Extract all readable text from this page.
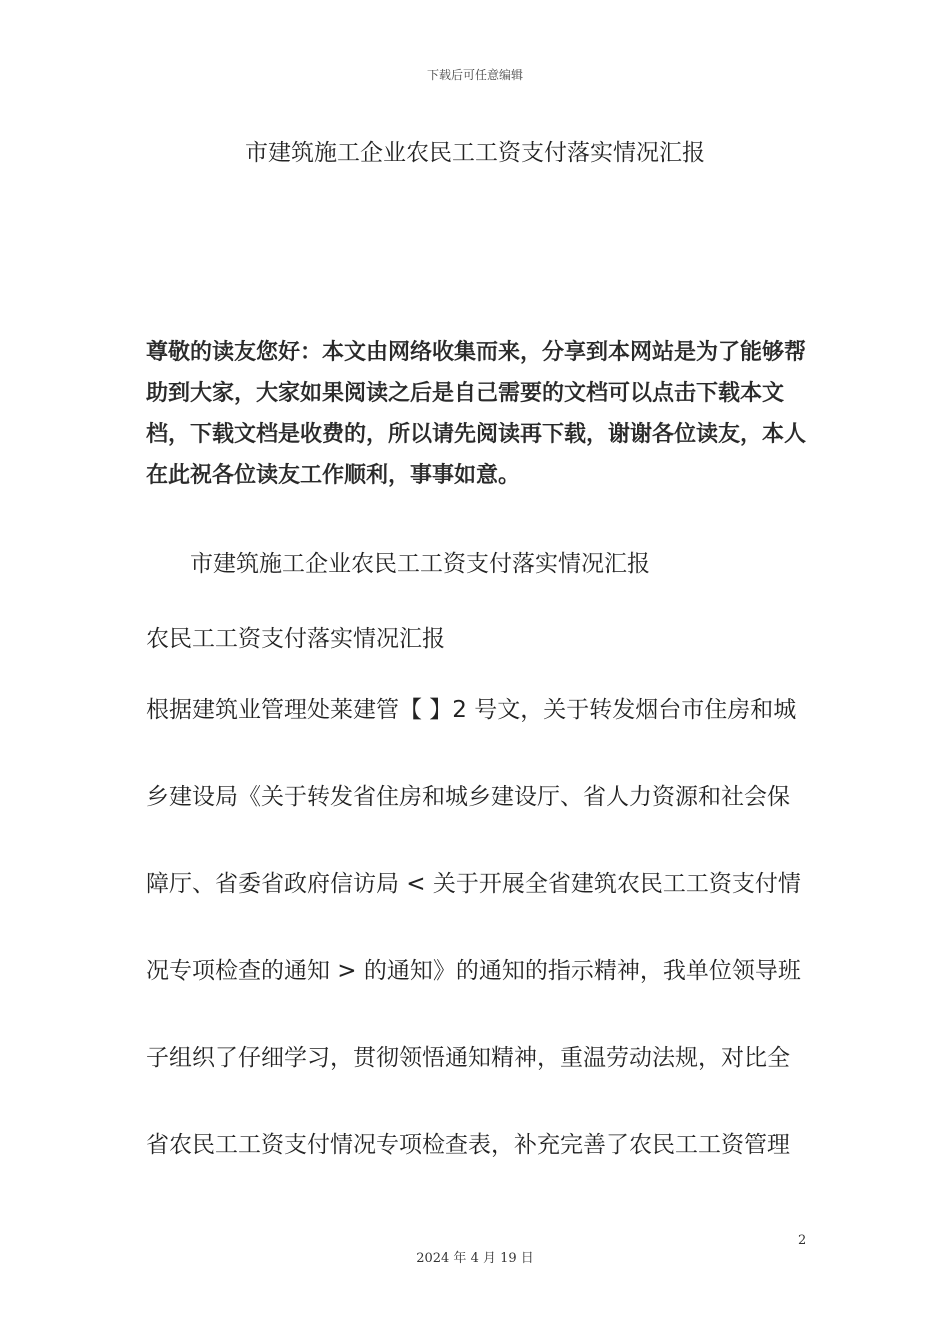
下载后可任意编辑
市建筑施工企业农民工工资支付落实情况汇报
尊敬的读友您好：本文由网络收集而来，分享到本网站是为了能够帮助到大家，大家如果阅读之后是自己需要的文档可以点击下载本文档，下载文档是收费的，所以请先阅读再下载，谢谢各位读友，本人在此祝各位读友工作顺利，事事如意。
市建筑施工企业农民工工资支付落实情况汇报
农民工工资支付落实情况汇报
根据建筑业管理处莱建管【 】2 号文，关于转发烟台市住房和城
乡建设局《关于转发省住房和城乡建设厅、省人力资源和社会保
障厅、省委省政府信访局 < 关于开展全省建筑农民工工资支付情
况专项检查的通知 > 的通知》的通知的指示精神，我单位领导班
子组织了仔细学习，贯彻领悟通知精神，重温劳动法规，对比全
省农民工工资支付情况专项检查表，补充完善了农民工工资管理
2
2024 年 4 月 19 日
